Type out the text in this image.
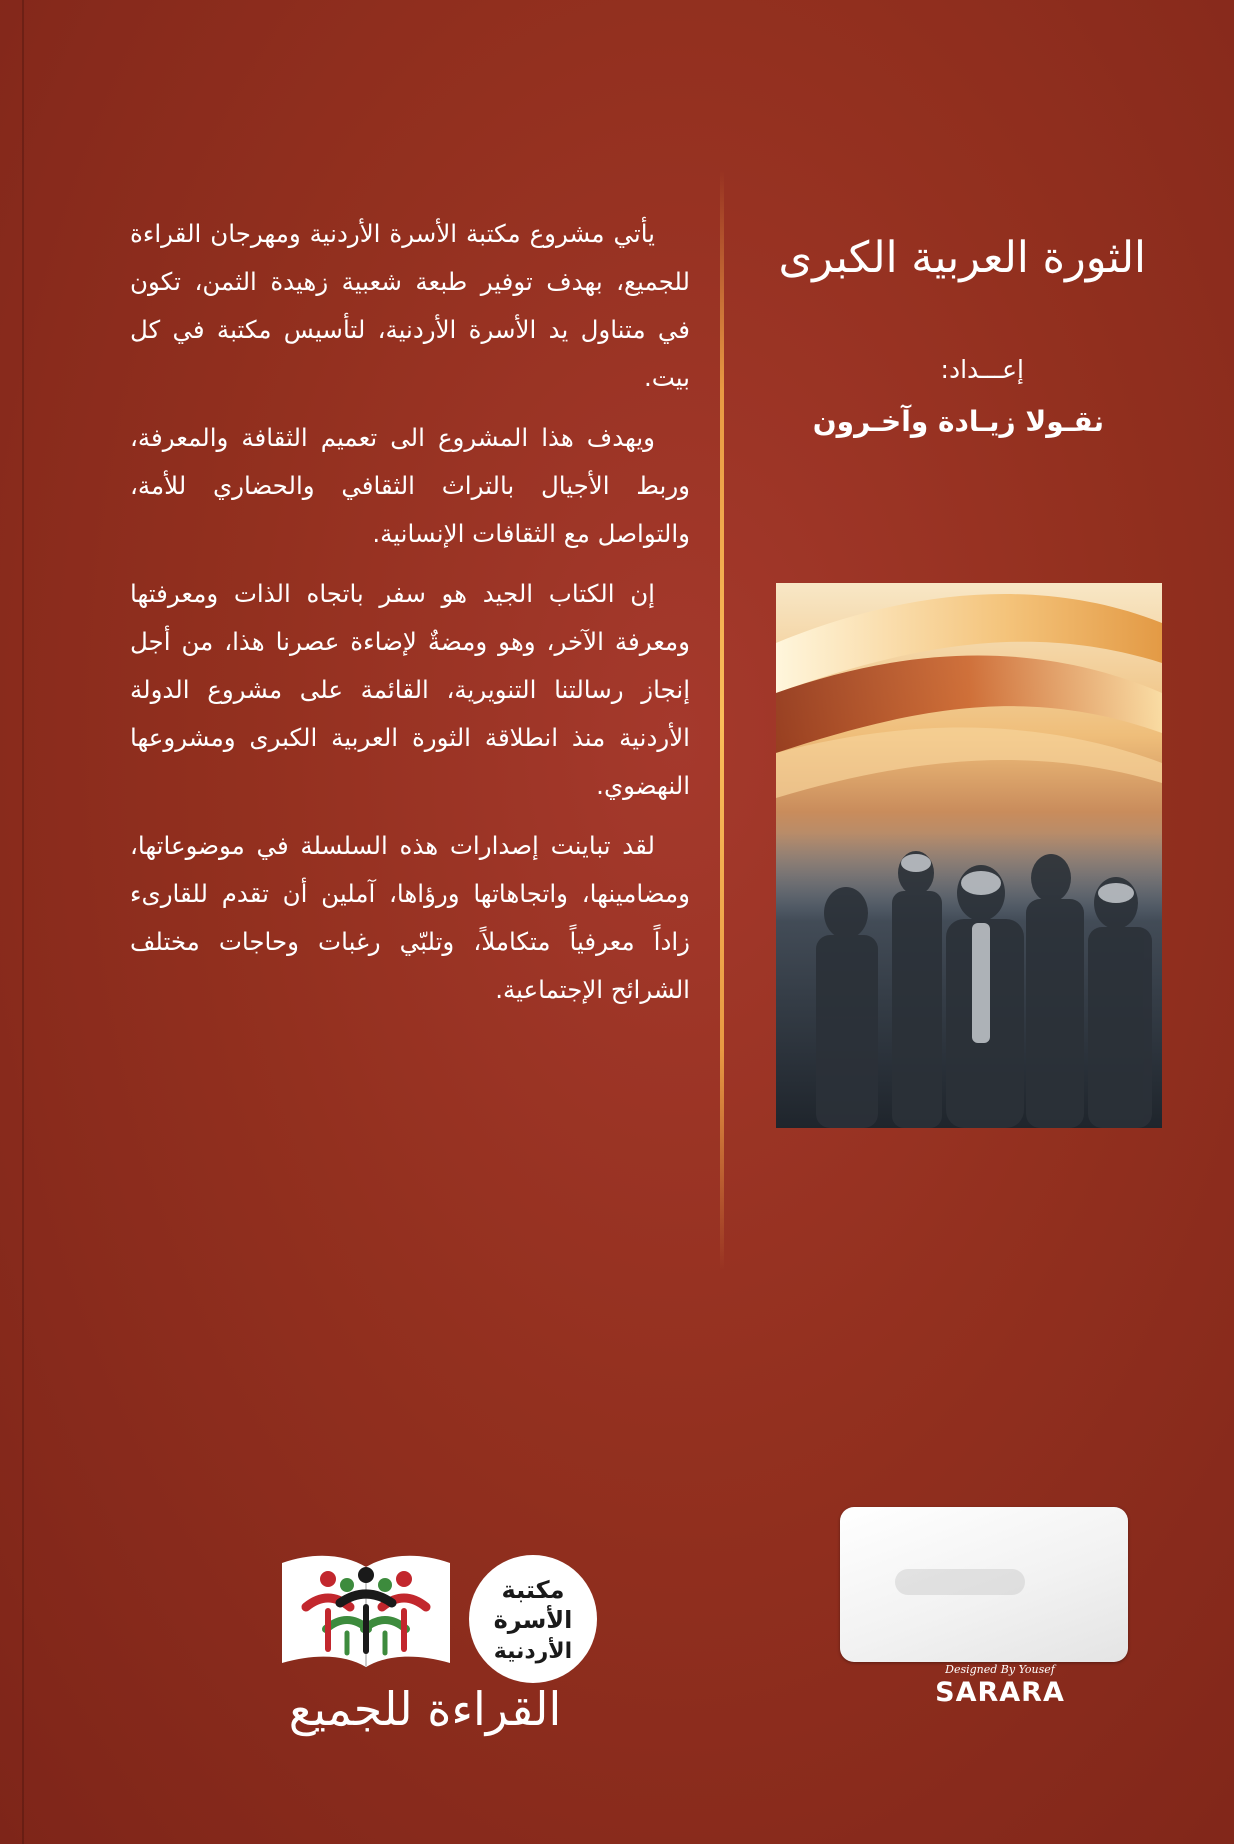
الثورة العربية الكبرى
إعـــداد:
نقـولا زيـادة وآخـرون

يأتي مشروع مكتبة الأسرة الأردنية ومهرجان القراءة للجميع، بهدف توفير طبعة شعبية زهيدة الثمن، تكون في متناول يد الأسرة الأردنية، لتأسيس مكتبة في كل بيت.

ويهدف هذا المشروع الى تعميم الثقافة والمعرفة، وربط الأجيال بالتراث الثقافي والحضاري للأمة، والتواصل مع الثقافات الإنسانية.

إن الكتاب الجيد هو سفر باتجاه الذات ومعرفتها ومعرفة الآخر، وهو ومضةٌ لإضاءة عصرنا هذا، من أجل إنجاز رسالتنا التنويرية، القائمة على مشروع الدولة الأردنية منذ انطلاقة الثورة العربية الكبرى ومشروعها النهضوي.

لقد تباينت إصدارات هذه السلسلة في موضوعاتها، ومضامينها، واتجاهاتها ورؤاها، آملين أن تقدم للقارىء زاداً معرفياً متكاملاً، وتلبّي رغبات وحاجات مختلف الشرائح الإجتماعية.

Designed By Yousef
SARARA
مكتبة
الأسرة
الأردنية
القراءة للجميع
